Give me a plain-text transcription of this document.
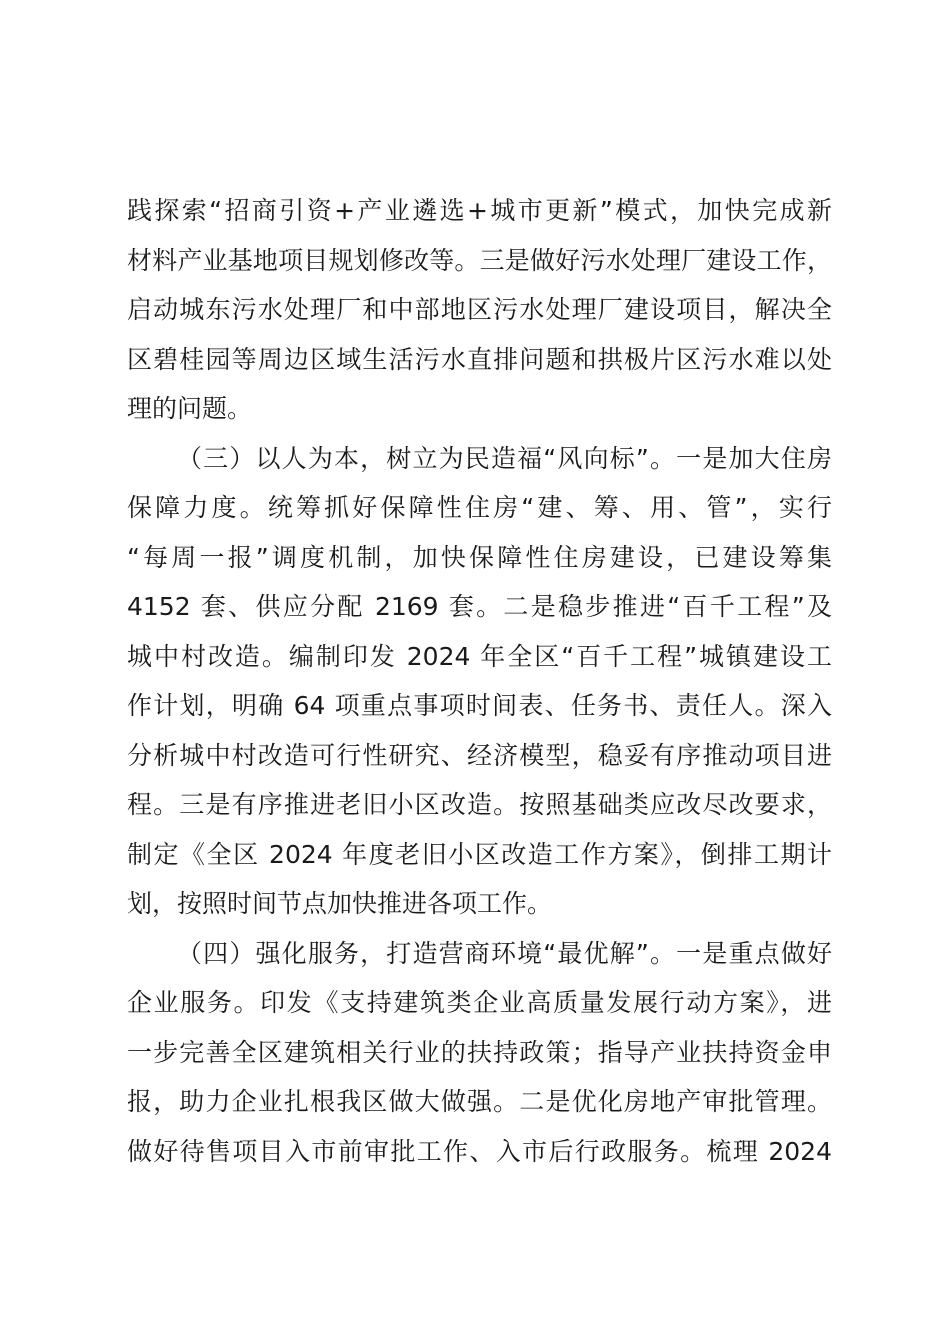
践探索“招商引资+产业遴选+城市更新”模式，加快完成新
材料产业基地项目规划修改等。三是做好污水处理厂建设工作，
启动城东污水处理厂和中部地区污水处理厂建设项目，解决全
区碧桂园等周边区域生活污水直排问题和拱极片区污水难以处
理的问题。
（三）以人为本，树立为民造福“风向标”。一是加大住房
保障力度。统筹抓好保障性住房“建、筹、用、管”，实行
“每周一报”调度机制，加快保障性住房建设，已建设筹集
4152 套、供应分配 2169 套。二是稳步推进“百千工程”及
城中村改造。编制印发 2024 年全区“百千工程”城镇建设工
作计划，明确 64 项重点事项时间表、任务书、责任人。深入
分析城中村改造可行性研究、经济模型，稳妥有序推动项目进
程。三是有序推进老旧小区改造。按照基础类应改尽改要求，
制定《全区 2024 年度老旧小区改造工作方案》，倒排工期计
划，按照时间节点加快推进各项工作。
（四）强化服务，打造营商环境“最优解”。一是重点做好
企业服务。印发《支持建筑类企业高质量发展行动方案》，进
一步完善全区建筑相关行业的扶持政策；指导产业扶持资金申
报，助力企业扎根我区做大做强。二是优化房地产审批管理。
做好待售项目入市前审批工作、入市后行政服务。梳理 2024
